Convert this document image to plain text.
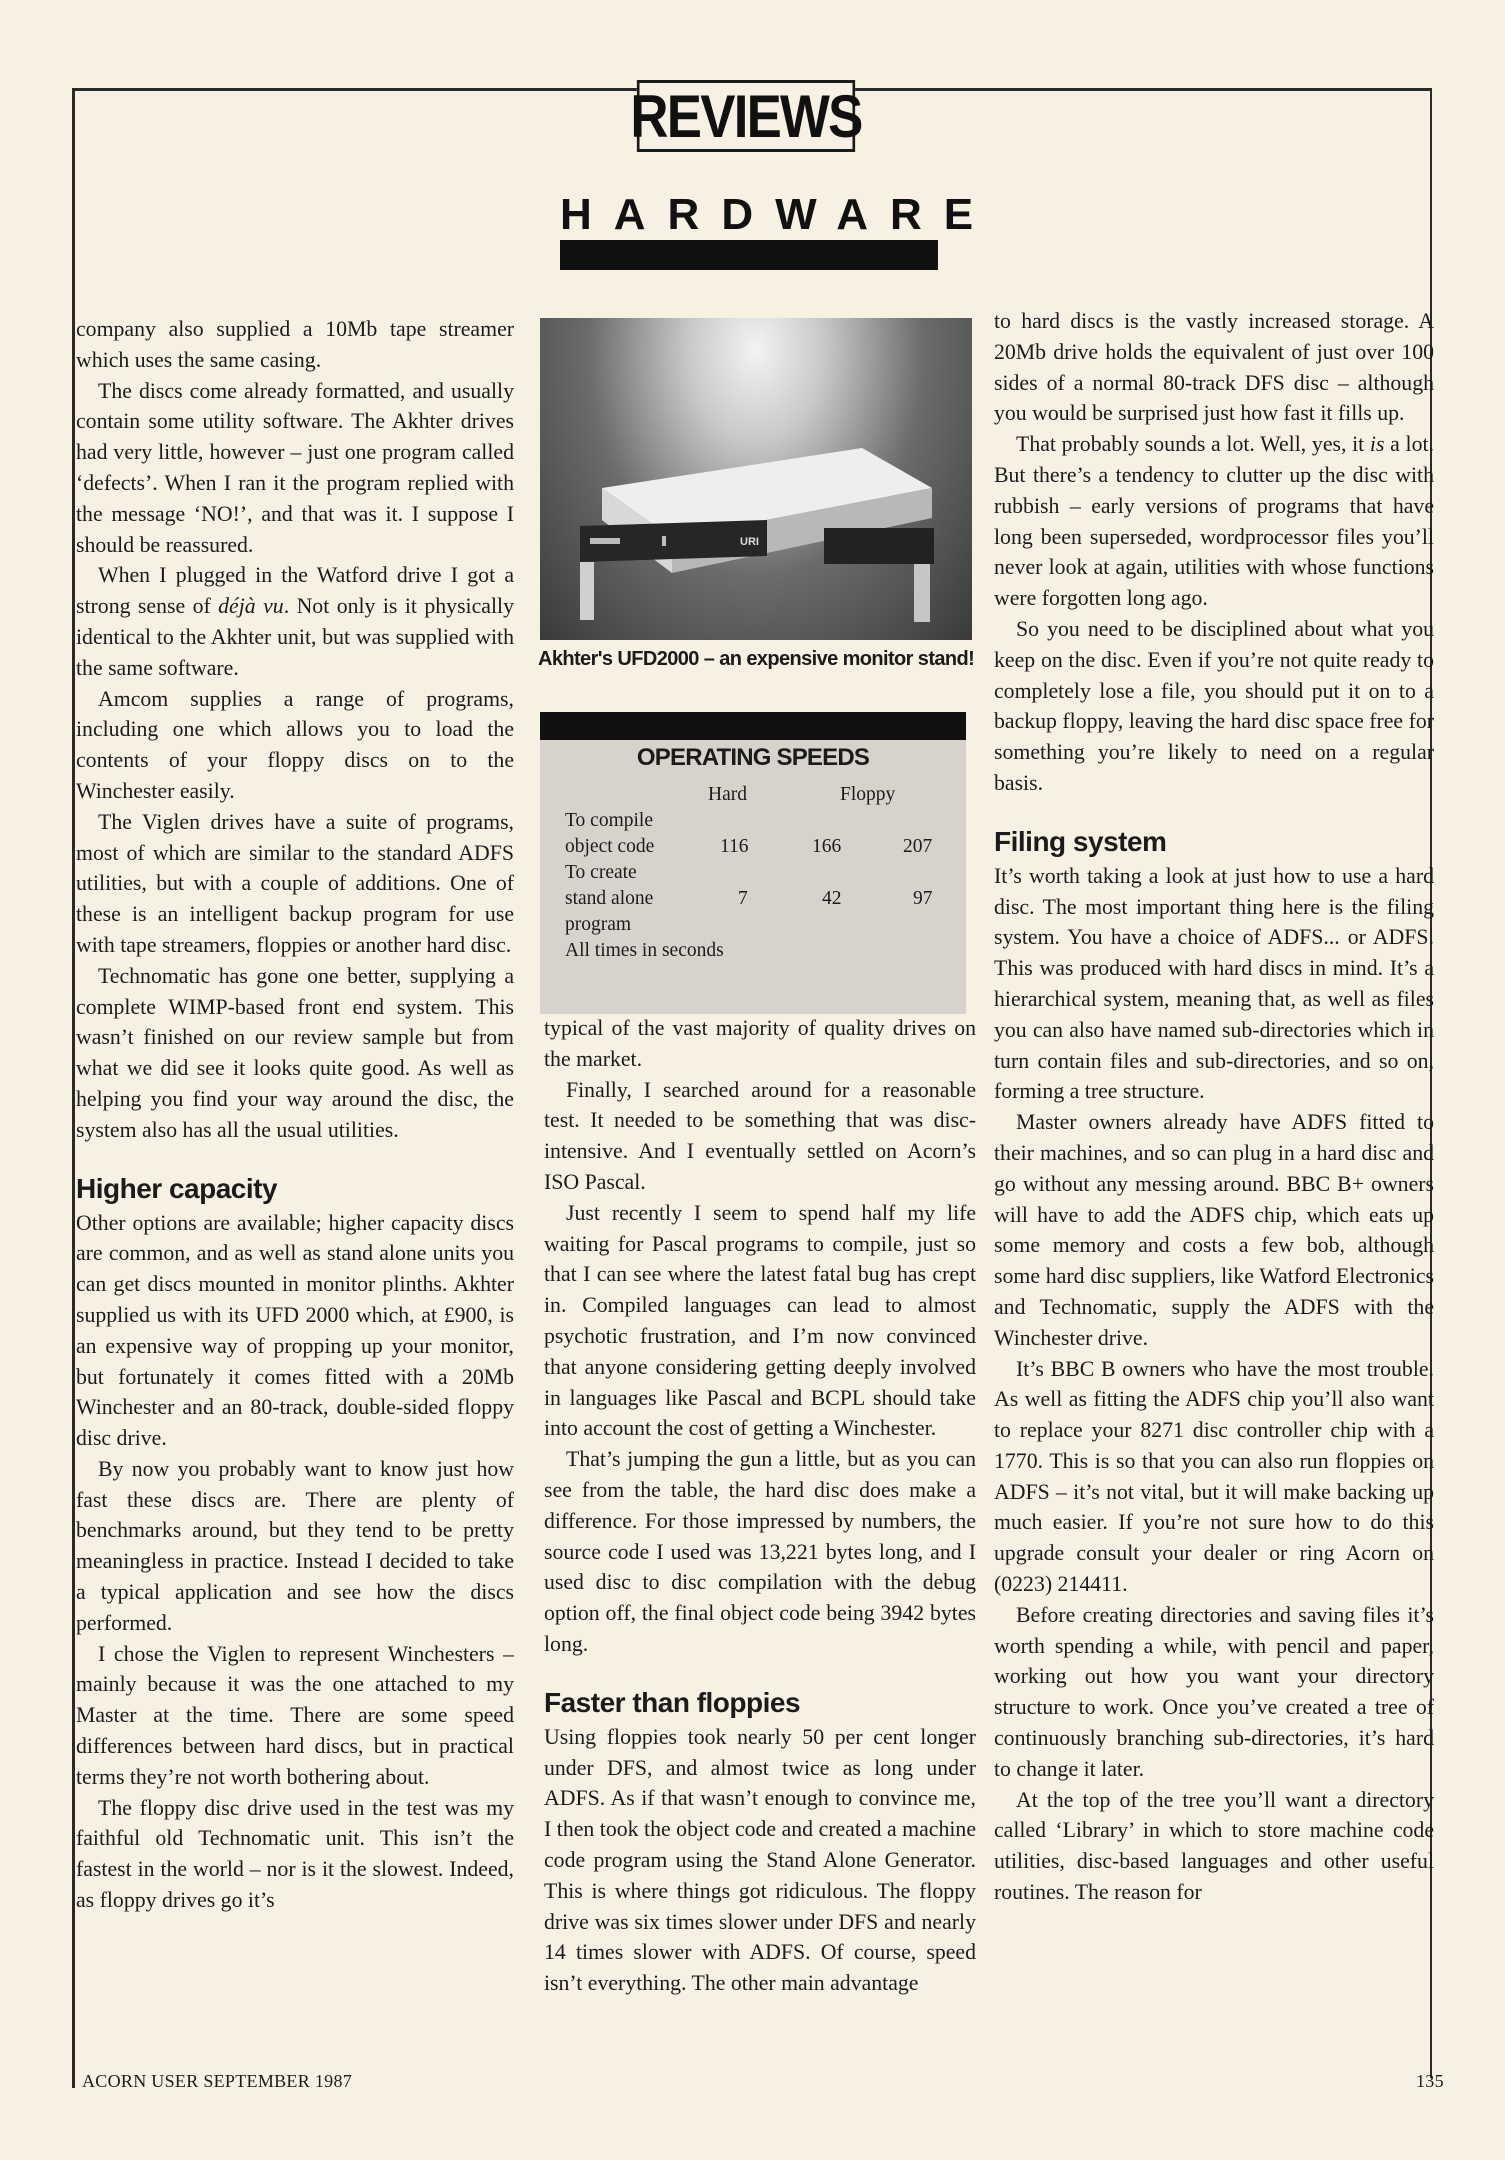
REVIEWS
HARDWARE

company also supplied a 10Mb tape streamer which uses the same casing.

The discs come already formatted, and usually contain some utility software. The Akhter drives had very little, however – just one program called ‘defects’. When I ran it the program replied with the message ‘NO!’, and that was it. I suppose I should be reassured.

When I plugged in the Watford drive I got a strong sense of déjà vu. Not only is it physically identical to the Akhter unit, but was supplied with the same software.

Amcom supplies a range of programs, including one which allows you to load the contents of your floppy discs on to the Winchester easily.

The Viglen drives have a suite of programs, most of which are similar to the standard ADFS utilities, but with a couple of additions. One of these is an intelligent backup program for use with tape streamers, floppies or another hard disc.

Technomatic has gone one better, supplying a complete WIMP-based front end system. This wasn’t finished on our review sample but from what we did see it looks quite good. As well as helping you find your way around the disc, the system also has all the usual utilities.

Higher capacity

Other options are available; higher capacity discs are common, and as well as stand alone units you can get discs mounted in monitor plinths. Akhter supplied us with its UFD 2000 which, at £900, is an expensive way of propping up your monitor, but fortunately it comes fitted with a 20Mb Winchester and an 80-track, double-sided floppy disc drive.

By now you probably want to know just how fast these discs are. There are plenty of benchmarks around, but they tend to be pretty meaningless in practice. Instead I decided to take a typical application and see how the discs performed.

I chose the Viglen to represent Winchesters – mainly because it was the one attached to my Master at the time. There are some speed differences between hard discs, but in practical terms they’re not worth bothering about.

The floppy disc drive used in the test was my faithful old Technomatic unit. This isn’t the fastest in the world – nor is it the slowest. Indeed, as floppy drives go it’s

URI
Akhter's UFD2000 – an expensive monitor stand!
OPERATING SPEEDS
Hard	Floppy
To compile
object code	116	166	207
To create
stand alone	7	42	97
program
All times in seconds

typical of the vast majority of quality drives on the market.

Finally, I searched around for a reasonable test. It needed to be something that was disc-intensive. And I eventually settled on Acorn’s ISO Pascal.

Just recently I seem to spend half my life waiting for Pascal programs to compile, just so that I can see where the latest fatal bug has crept in. Compiled languages can lead to almost psychotic frustration, and I’m now convinced that anyone considering getting deeply involved in languages like Pascal and BCPL should take into account the cost of getting a Winchester.

That’s jumping the gun a little, but as you can see from the table, the hard disc does make a difference. For those impressed by numbers, the source code I used was 13,221 bytes long, and I used disc to disc compilation with the debug option off, the final object code being 3942 bytes long.

Faster than floppies

Using floppies took nearly 50 per cent longer under DFS, and almost twice as long under ADFS. As if that wasn’t enough to convince me, I then took the object code and created a machine code program using the Stand Alone Generator. This is where things got ridiculous. The floppy drive was six times slower under DFS and nearly 14 times slower with ADFS. Of course, speed isn’t everything. The other main advantage

to hard discs is the vastly increased storage. A 20Mb drive holds the equivalent of just over 100 sides of a normal 80-track DFS disc – although you would be surprised just how fast it fills up.

That probably sounds a lot. Well, yes, it is a lot. But there’s a tendency to clutter up the disc with rubbish – early versions of programs that have long been superseded, wordprocessor files you’ll never look at again, utilities with whose functions were forgotten long ago.

So you need to be disciplined about what you keep on the disc. Even if you’re not quite ready to completely lose a file, you should put it on to a backup floppy, leaving the hard disc space free for something you’re likely to need on a regular basis.

Filing system

It’s worth taking a look at just how to use a hard disc. The most important thing here is the filing system. You have a choice of ADFS... or ADFS. This was produced with hard discs in mind. It’s a hierarchical system, meaning that, as well as files you can also have named sub-directories which in turn contain files and sub-directories, and so on, forming a tree structure.

Master owners already have ADFS fitted to their machines, and so can plug in a hard disc and go without any messing around. BBC B+ owners will have to add the ADFS chip, which eats up some memory and costs a few bob, although some hard disc suppliers, like Watford Electronics and Technomatic, supply the ADFS with the Winchester drive.

It’s BBC B owners who have the most trouble. As well as fitting the ADFS chip you’ll also want to replace your 8271 disc controller chip with a 1770. This is so that you can also run floppies on ADFS – it’s not vital, but it will make backing up much easier. If you’re not sure how to do this upgrade consult your dealer or ring Acorn on (0223) 214411.

Before creating directories and saving files it’s worth spending a while, with pencil and paper, working out how you want your directory structure to work. Once you’ve created a tree of continuously branching sub-directories, it’s hard to change it later.

At the top of the tree you’ll want a directory called ‘Library’ in which to store machine code utilities, disc-based languages and other useful routines. The reason for

ACORN USER SEPTEMBER 1987	135
